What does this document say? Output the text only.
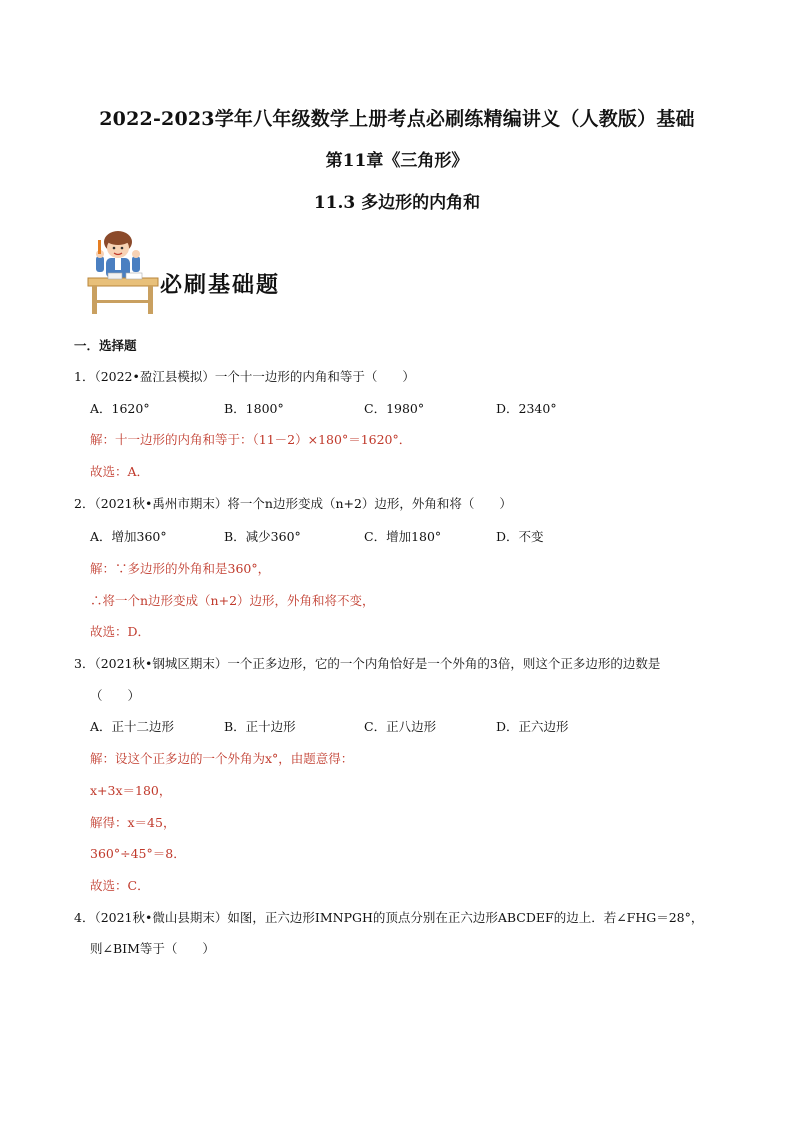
2022-2023学年八年级数学上册考点必刷练精编讲义（人教版）基础
第11章《三角形》
11.3 多边形的内角和
必刷基础题
一．选择题
1．（2022•盈江县模拟）一个十一边形的内角和等于（　　）
A．1620°	B．1800°	C．1980°	D．2340°
解：十一边形的内角和等于：（11－2）×180°＝1620°．
故选：A．
2．（2021秋•禹州市期末）将一个n边形变成（n+2）边形，外角和将（　　）
A．增加360°	B．减少360°	C．增加180°	D．不变
解：∵多边形的外角和是360°，
∴将一个n边形变成（n+2）边形，外角和将不变，
故选：D．
3．（2021秋•钢城区期末）一个正多边形，它的一个内角恰好是一个外角的3倍，则这个正多边形的边数是
（　　）
A．正十二边形	B．正十边形	C．正八边形	D．正六边形
解：设这个正多边的一个外角为x°，由题意得：
x+3x＝180，
解得：x＝45，
360°÷45°＝8．
故选：C．
4．（2021秋•微山县期末）如图，正六边形IMNPGH的顶点分别在正六边形ABCDEF的边上．若∠FHG＝28°，
则∠BIM等于（　　）
